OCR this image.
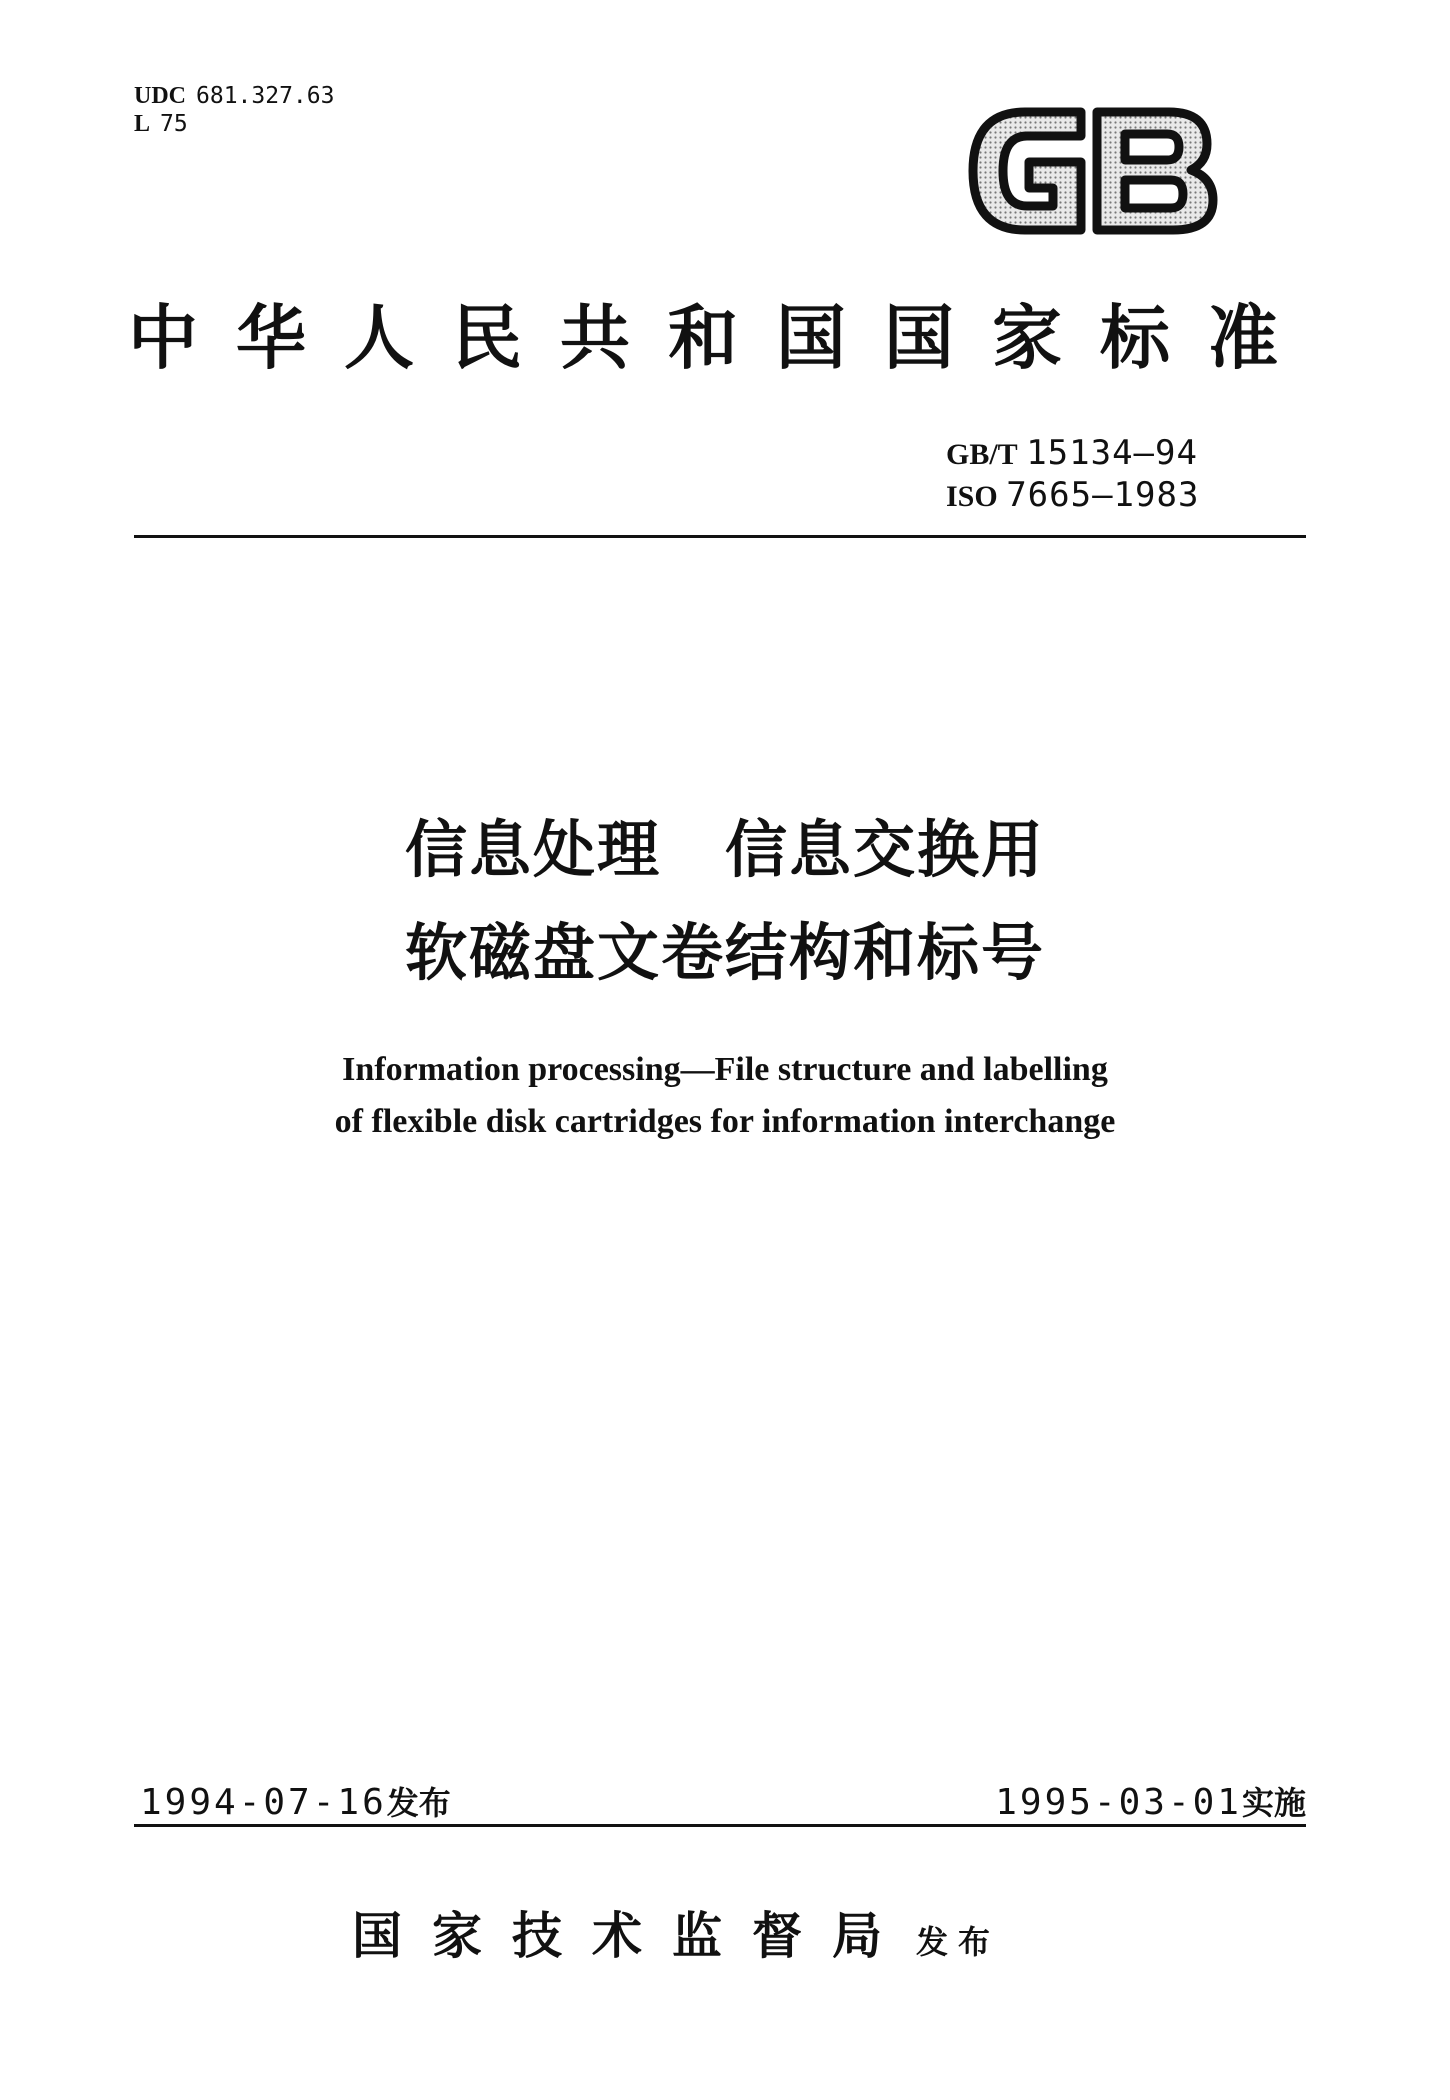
UDC 681.327.63
L 75
中华人民共和国国家标准
GB/T 15134—94
ISO 7665—1983
信息处理　信息交换用
软磁盘文卷结构和标号
Information processing—File structure and labelling
of flexible disk cartridges for information interchange
1994-07-16发布	1995-03-01实施
国家技术监督局 发布
